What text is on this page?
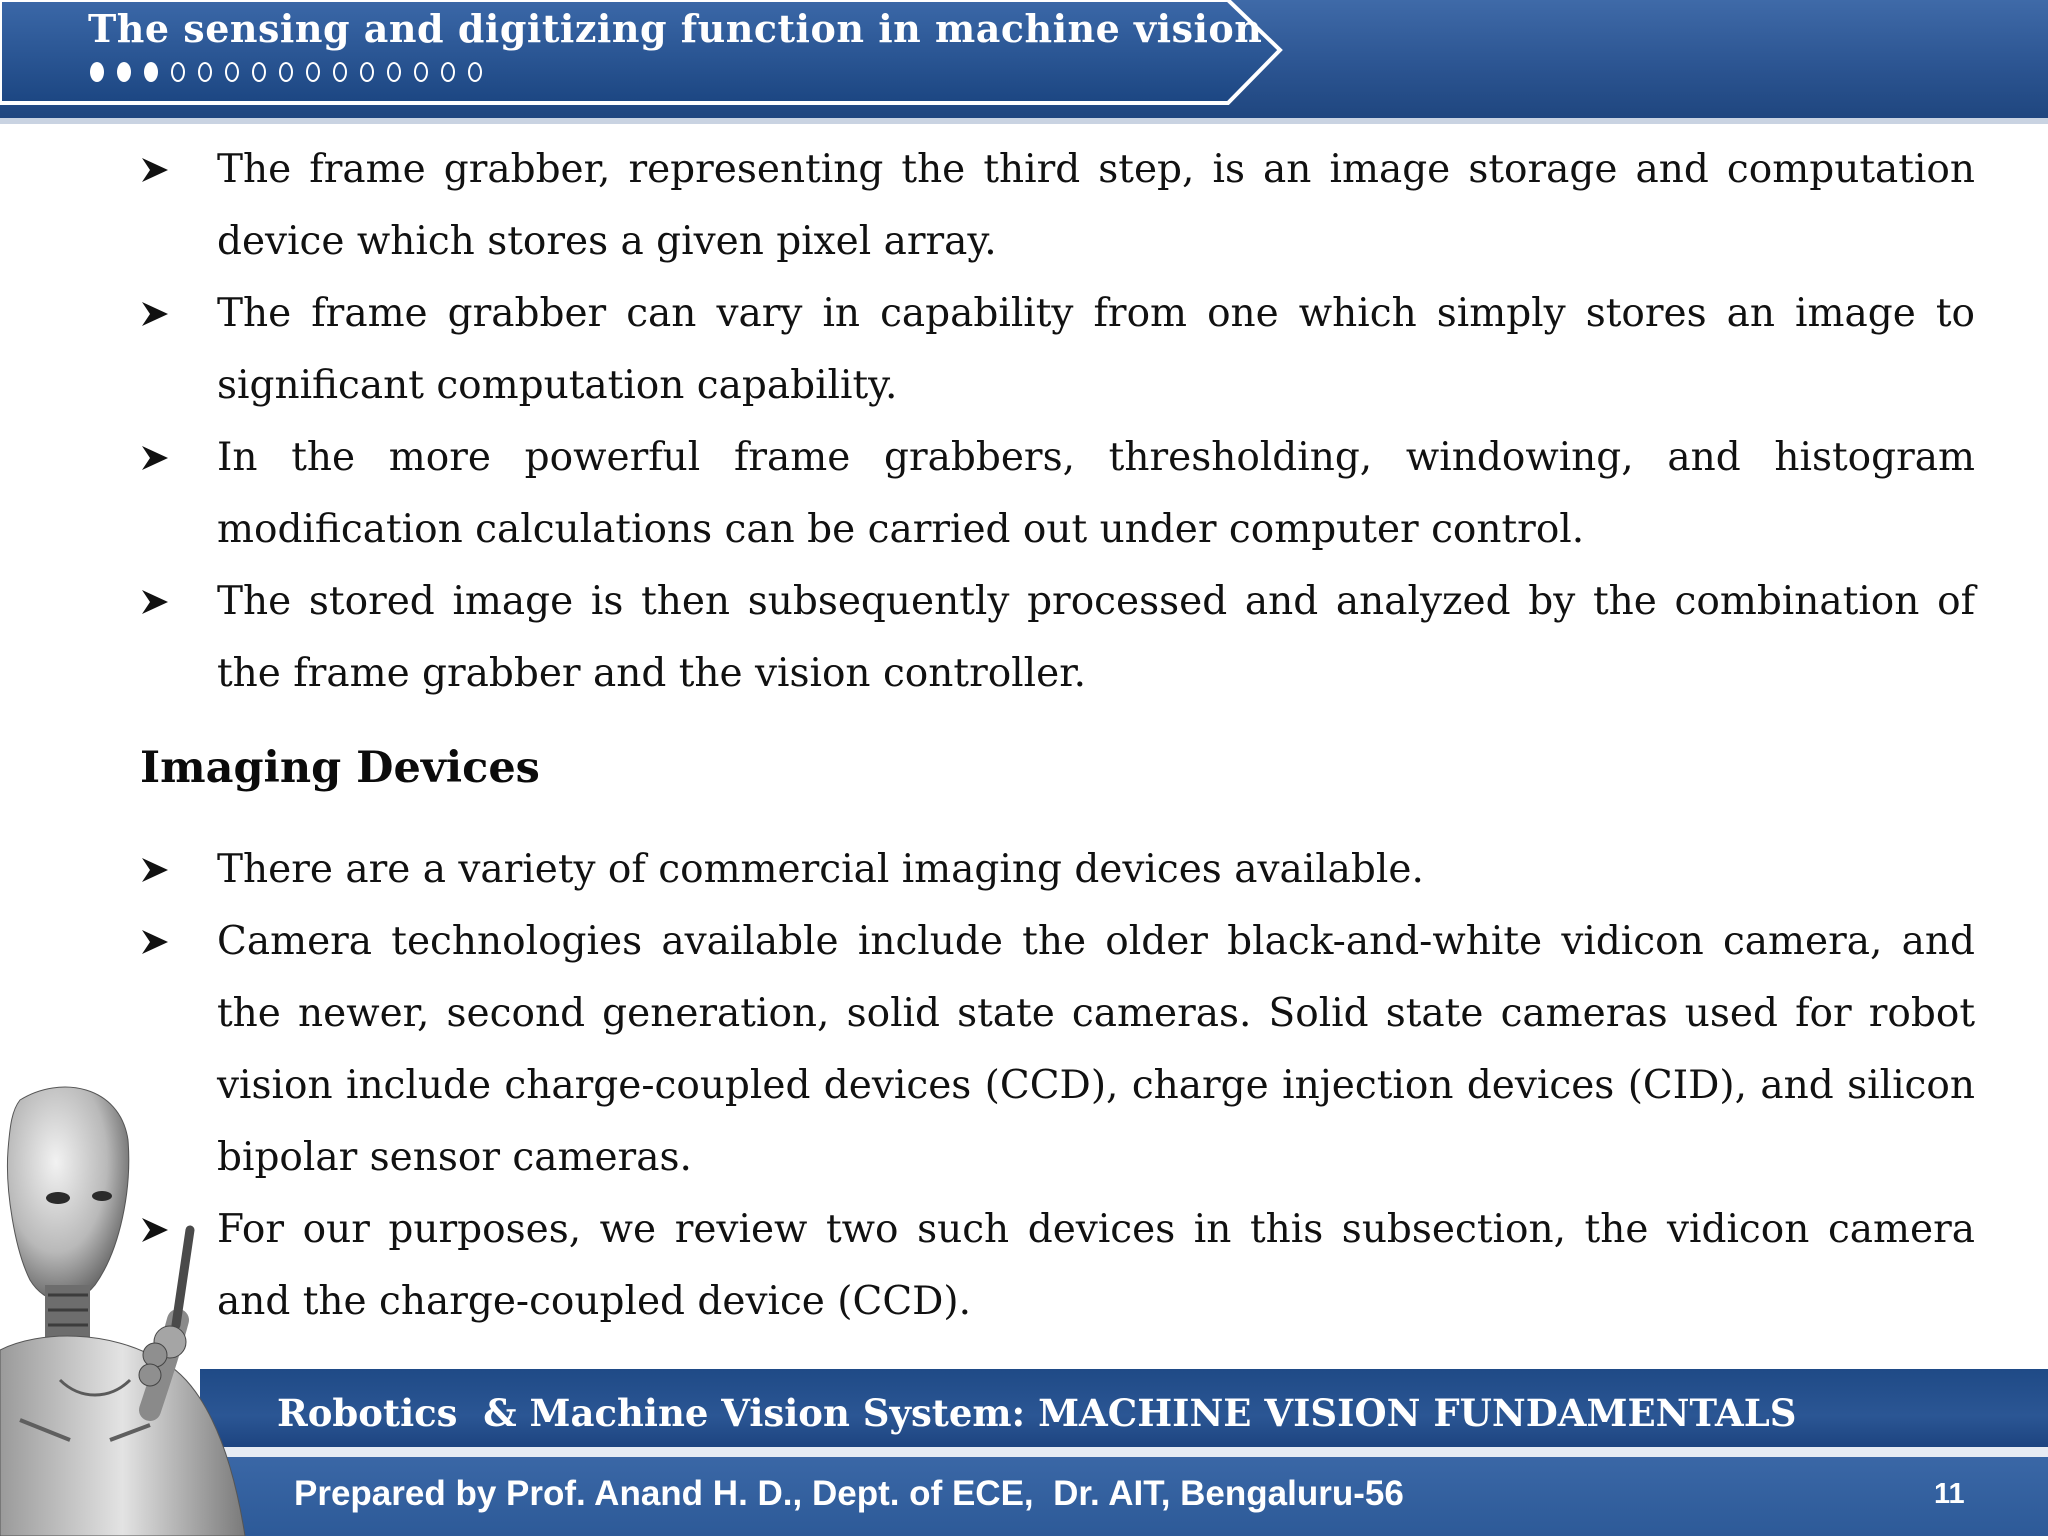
The sensing and digitizing function in machine vision
The frame grabber, representing the third step, is an image storage and computation device which stores a given pixel array.
The frame grabber can vary in capability from one which simply stores an image to significant computation capability.
In the more powerful frame grabbers, thresholding, windowing, and histogram modification calculations can be carried out under computer control.
The stored image is then subsequently processed and analyzed by the combination of the frame grabber and the vision controller.
Imaging Devices
There are a variety of commercial imaging devices available.
Camera technologies available include the older black-and-white vidicon camera, and the newer, second generation, solid state cameras. Solid state cameras used for robot vision include charge-coupled devices (CCD), charge injection devices (CID), and silicon bipolar sensor cameras.
For our purposes, we review two such devices in this subsection, the vidicon camera and the charge-coupled device (CCD).
Robotics  & Machine Vision System: MACHINE VISION FUNDAMENTALS
Prepared by Prof. Anand H. D., Dept. of ECE,  Dr. AIT, Bengaluru-56	11
